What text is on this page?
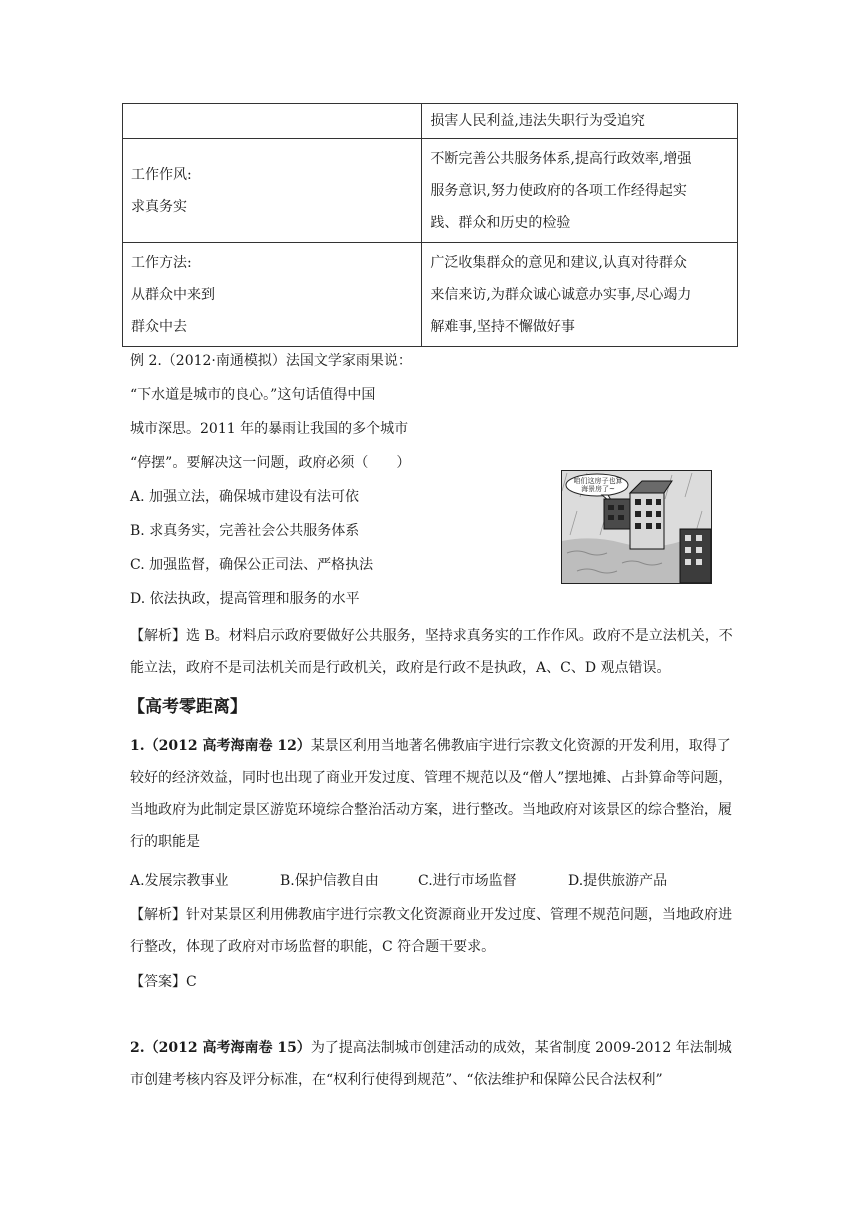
	损害人民利益,违法失职行为受追究

工作作风:
求真务实	不断完善公共服务体系,提高行政效率,增强
服务意识,努力使政府的各项工作经得起实
践、群众和历史的检验

工作方法:
从群众中来到
群众中去	广泛收集群众的意见和建议,认真对待群众
来信来访,为群众诚心诚意办实事,尽心竭力
解难事,坚持不懈做好事
例 2.（2012·南通模拟）法国文学家雨果说：
“下水道是城市的良心。”这句话值得中国
城市深思。2011 年的暴雨让我国的多个城市
“停摆”。要解决这一问题，政府必须（　　）
A. 加强立法，确保城市建设有法可依
B. 求真务实，完善社会公共服务体系
C. 加强监督，确保公正司法、严格执法
D. 依法执政，提高管理和服务的水平
咱们这房子也算海景房了~
【解析】选 B。材料启示政府要做好公共服务，坚持求真务实的工作作风。政府不是立法机关，不能立法，政府不是司法机关而是行政机关，政府是行政不是执政，A、C、D 观点错误。
【高考零距离】
1.（2012 高考海南卷 12）某景区利用当地著名佛教庙宇进行宗教文化资源的开发利用，取得了较好的经济效益，同时也出现了商业开发过度、管理不规范以及“僧人”摆地摊、占卦算命等问题，当地政府为此制定景区游览环境综合整治活动方案，进行整改。当地政府对该景区的综合整治，履行的职能是
A.发展宗教事业	B.保护信教自由	C.进行市场监督	D.提供旅游产品
【解析】针对某景区利用佛教庙宇进行宗教文化资源商业开发过度、管理不规范问题，当地政府进行整改，体现了政府对市场监督的职能，C 符合题干要求。
【答案】C
2.（2012 高考海南卷 15）为了提高法制城市创建活动的成效，某省制度 2009-2012 年法制城市创建考核内容及评分标准，在“权利行使得到规范”、“依法维护和保障公民合法权利”
